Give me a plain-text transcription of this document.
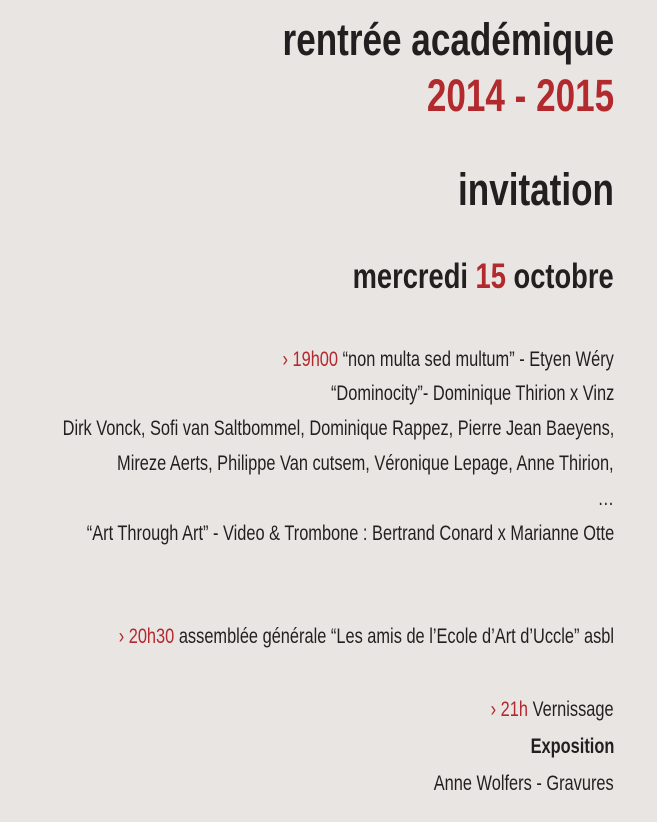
rentrée académique
2014 - 2015
invitation
mercredi 15 octobre
› 19h00 “non multa sed multum” - Etyen Wéry
“Dominocity”- Dominique Thirion x Vinz
Dirk Vonck, Sofi van Saltbommel, Dominique Rappez, Pierre Jean Baeyens,
Mireze Aerts, Philippe Van cutsem, Véronique Lepage, Anne Thirion,
…
“Art Through Art” - Video & Trombone : Bertrand Conard x Marianne Otte
› 20h30 assemblée générale “Les amis de l’Ecole d’Art d’Uccle” asbl
› 21h Vernissage
Exposition
Anne Wolfers - Gravures
